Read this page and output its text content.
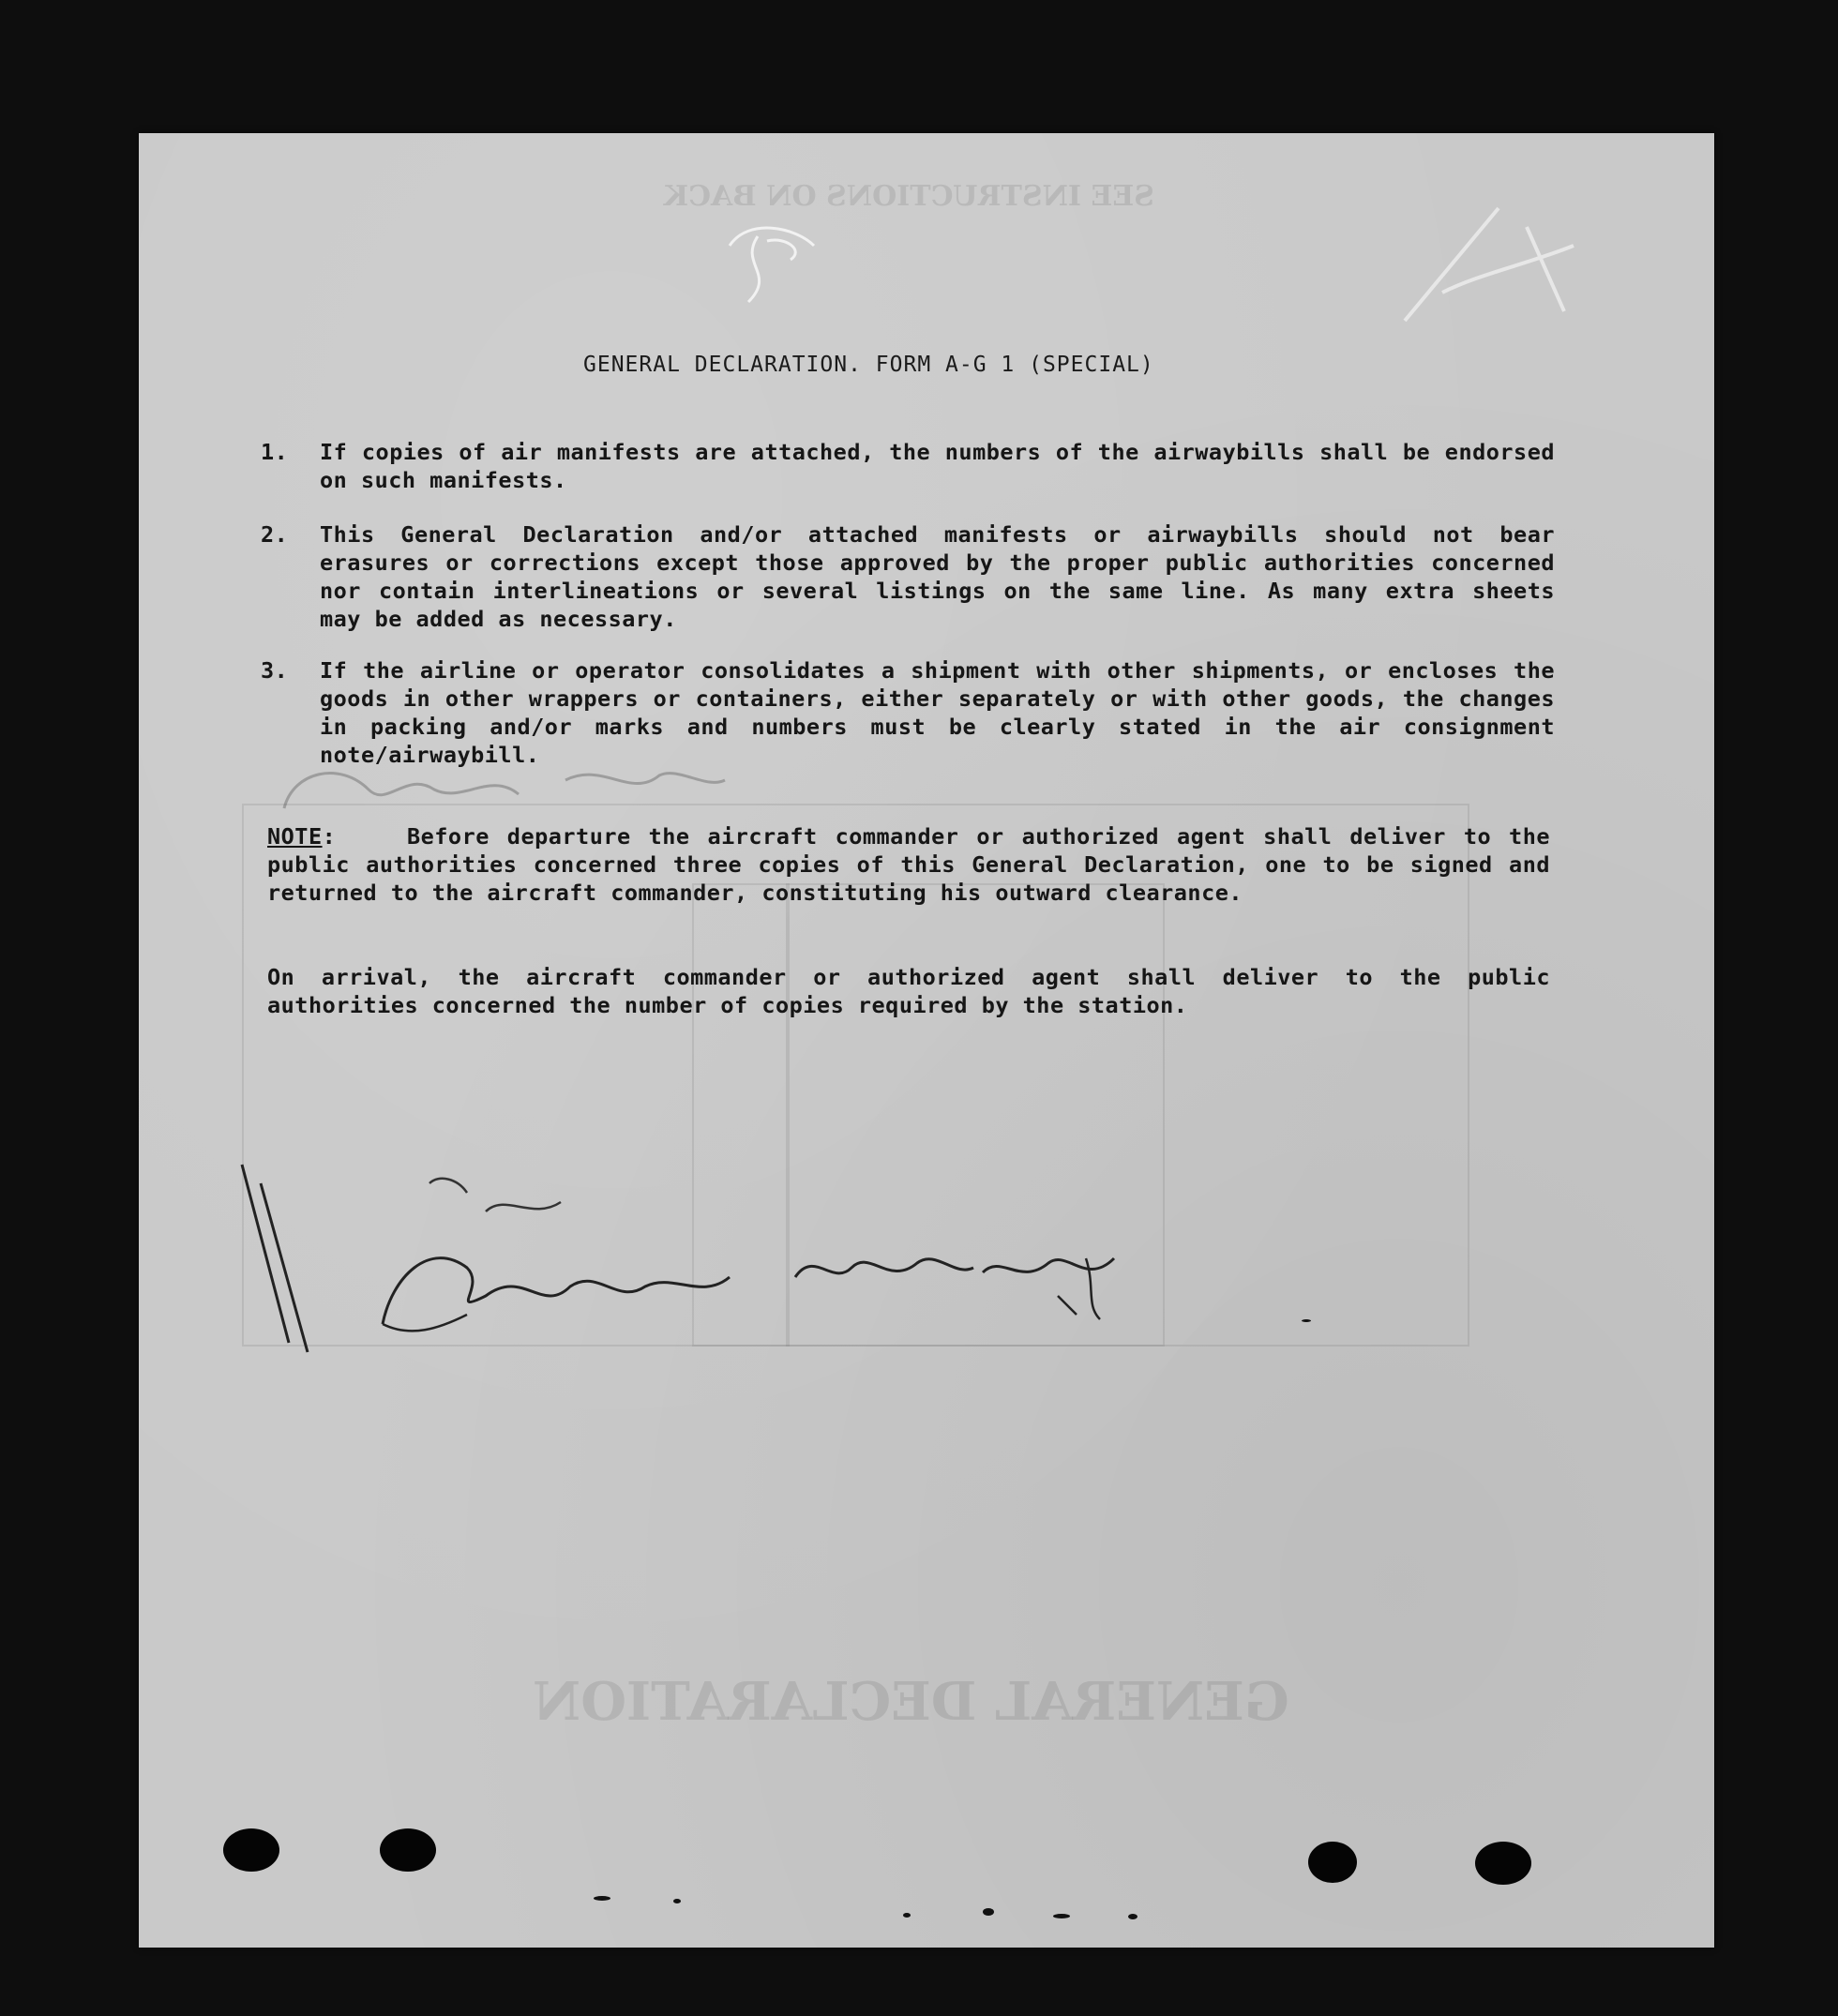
GENERAL DECLARATION
SEE INSTRUCTIONS ON BACK
GENERAL DECLARATION. FORM A-G 1 (SPECIAL)
1.	If copies of air manifests are attached, the numbers of the airwaybills shall be endorsed on such manifests.
2.	This General Declaration and/or attached manifests or airwaybills should not bear erasures or corrections except those approved by the proper public authorities concerned nor contain interlineations or several listings on the same line. As many extra sheets may be added as necessary.
3.	If the airline or operator consolidates a shipment with other shipments, or encloses the goods in other wrappers or containers, either separately or with other goods, the changes in packing and/or marks and numbers must be clearly stated in the air consignment note/airwaybill.
NOTE:    Before departure the aircraft commander or authorized agent shall deliver to the public authorities concerned three copies of this General Declaration, one to be signed and returned to the aircraft commander, constituting his outward clearance.
On arrival, the aircraft commander or authorized agent shall deliver to the public authorities concerned the number of copies required by the station.
